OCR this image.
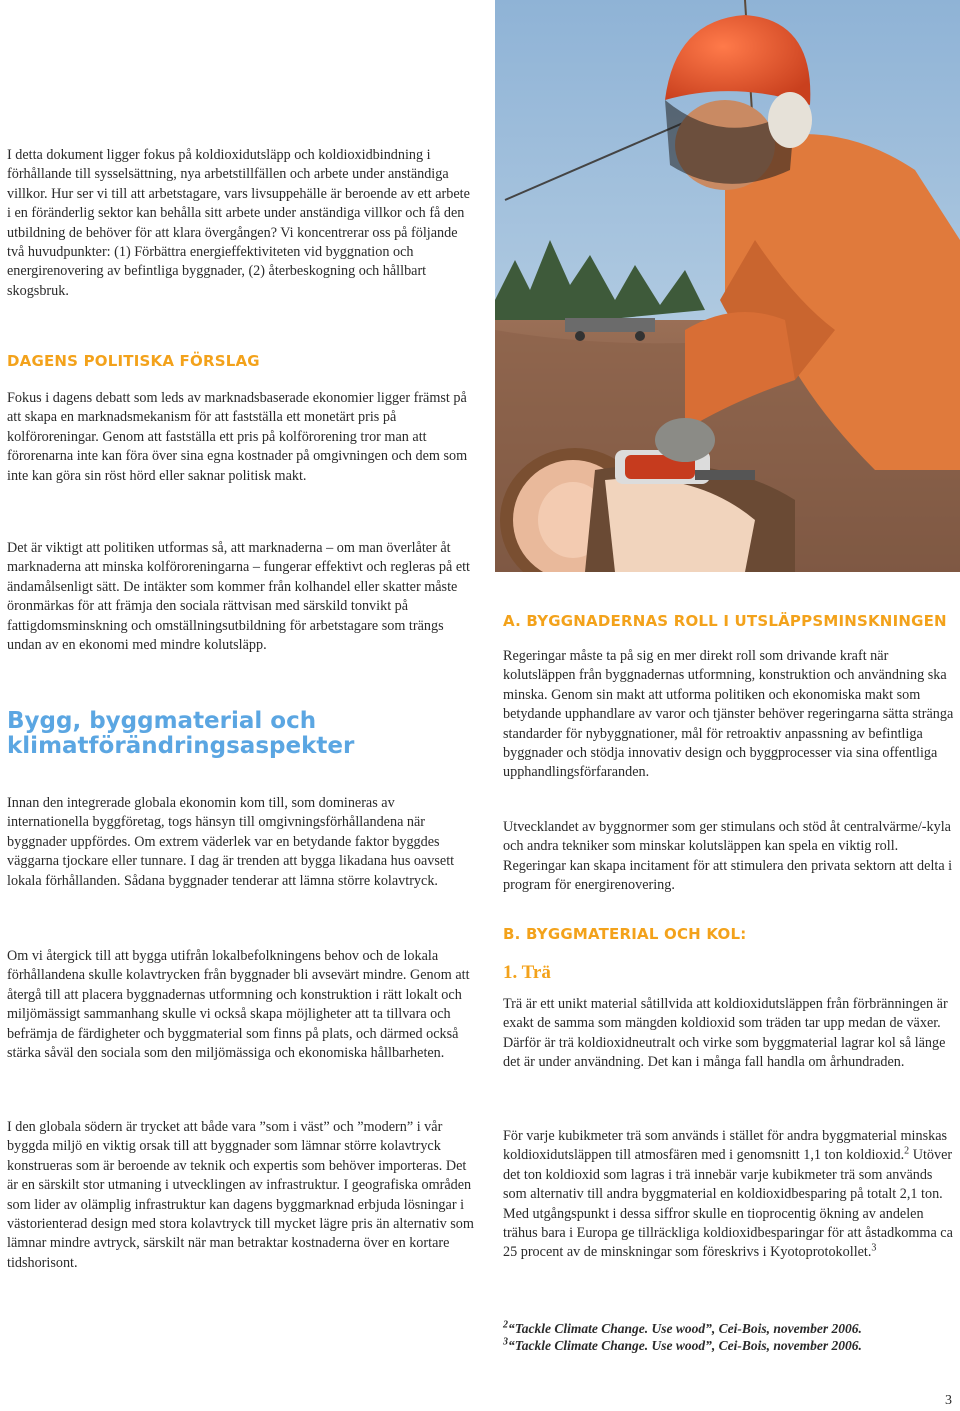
I detta dokument ligger fokus på koldioxidutsläpp och koldioxidbindning i förhållande till sysselsättning, nya arbetstillfällen och arbete under anständiga villkor. Hur ser vi till att arbetstagare, vars livsuppehälle är beroende av ett arbete i en föränderlig sektor kan behålla sitt arbete under anständiga villkor och få den utbildning de behöver för att klara övergången? Vi koncentrerar oss på följande två huvudpunkter: (1) Förbättra energieffektiviteten vid byggnation och energirenovering av befintliga byggnader, (2) återbeskogning och hållbart skogsbruk.

DAGENS POLITISKA FÖRSLAG

Fokus i dagens debatt som leds av marknadsbaserade ekonomier ligger främst på att skapa en marknadsmekanism för att fastställa ett monetärt pris på kolföroreningar. Genom att fastställa ett pris på kolförorening tror man att förorenarna inte kan föra över sina egna kostnader på omgivningen och dem som inte kan göra sin röst hörd eller saknar politisk makt.

Det är viktigt att politiken utformas så, att marknaderna – om man överlåter åt marknaderna att minska kolföroreningarna – fungerar effektivt och regleras på ett ändamålsenligt sätt. De intäkter som kommer från kolhandel eller skatter måste öronmärkas för att främja den sociala rättvisan med särskild tonvikt på fattigdomsminskning och omställningsutbildning för arbetstagare som trängs undan av en ekonomi med mindre kolutsläpp.

Bygg, byggmaterial och
klimatförändringsaspekter

Innan den integrerade globala ekonomin kom till, som domineras av internationella byggföretag, togs hänsyn till omgivningsförhållandena när byggnader uppfördes. Om extrem väderlek var en betydande faktor byggdes väggarna tjockare eller tunnare. I dag är trenden att bygga likadana hus oavsett lokala förhållanden. Sådana byggnader tenderar att lämna större kolavtryck.

Om vi återgick till att bygga utifrån lokalbefolkningens behov och de lokala förhållandena skulle kolavtrycken från byggnader bli avsevärt mindre. Genom att återgå till att placera byggnadernas utformning och konstruktion i rätt lokalt och miljömässigt sammanhang skulle vi också skapa möjligheter att ta tillvara och befrämja de färdigheter och byggmaterial som finns på plats, och därmed också stärka såväl den sociala som den miljömässiga och ekonomiska hållbarheten.

I den globala södern är trycket att både vara ”som i väst” och ”modern” i vår byggda miljö en viktig orsak till att byggnader som lämnar större kolavtryck konstrueras som är beroende av teknik och expertis som behöver importeras. Det är en särskilt stor utmaning i utvecklingen av infrastruktur. I geografiska områden som lider av olämplig infrastruktur kan dagens byggmarknad erbjuda lösningar i västorienterad design med stora kolavtryck till mycket lägre pris än alternativ som lämnar mindre avtryck, särskilt när man betraktar kostnaderna över en kortare tidshorisont.

A. BYGGNADERNAS ROLL I UTSLÄPPSMINSKNINGEN

Regeringar måste ta på sig en mer direkt roll som drivande kraft när kolutsläppen från byggnadernas utformning, konstruktion och användning ska minska. Genom sin makt att utforma politiken och ekonomiska makt som betydande upphandlare av varor och tjänster behöver regeringarna sätta stränga standarder för nybyggnationer, mål för retroaktiv anpassning av befintliga byggnader och stödja innovativ design och byggprocesser via sina offentliga upphandlingsförfaranden.

Utvecklandet av byggnormer som ger stimulans och stöd åt centralvärme/-kyla och andra tekniker som minskar kolutsläppen kan spela en viktig roll. Regeringar kan skapa incitament för att stimulera den privata sektorn att delta i program för energirenovering.

B. BYGGMATERIAL OCH KOL:
1. Trä

Trä är ett unikt material såtillvida att koldioxidutsläppen från förbränningen är exakt de samma som mängden koldioxid som träden tar upp medan de växer. Därför är trä koldioxidneutralt och virke som byggmaterial lagrar kol så länge det är under användning. Det kan i många fall handla om århundraden.

För varje kubikmeter trä som används i stället för andra byggmaterial minskas koldioxidutsläppen till atmosfären med i genomsnitt 1,1 ton koldioxid.$^2$ Utöver det ton koldioxid som lagras i trä innebär varje kubikmeter trä som används som alternativ till andra byggmaterial en koldioxidbesparing på totalt 2,1 ton. Med utgångspunkt i dessa siffror skulle en tioprocentig ökning av andelen trähus bara i Europa ge tillräckliga koldioxidbesparingar för att åstadkomma ca 25 procent av de minskningar som föreskrivs i Kyotoprotokollet.$^3$

$^2$“Tackle Climate Change. Use wood”, Cei-Bois, november 2006.

$^3$“Tackle Climate Change. Use wood”, Cei-Bois, november 2006.

3
